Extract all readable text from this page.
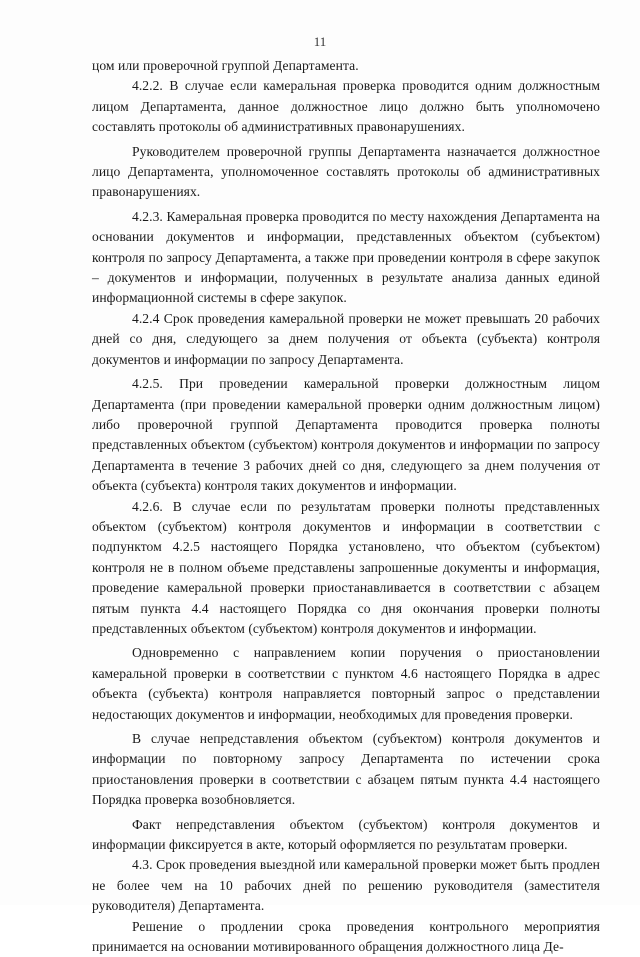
11

цом или проверочной группой Департамента.

4.2.2. В случае если камеральная проверка проводится одним должностным лицом Департамента, данное должностное лицо должно быть уполномочено составлять протоколы об административных правонарушениях.

Руководителем проверочной группы Департамента назначается должностное лицо Департамента, уполномоченное составлять протоколы об административных правонарушениях.

4.2.3. Камеральная проверка проводится по месту нахождения Департамента на основании документов и информации, представленных объектом (субъектом) контроля по запросу Департамента, а также при проведении контроля в сфере закупок – документов и информации, полученных в результате анализа данных единой информационной системы в сфере закупок.

4.2.4 Срок проведения камеральной проверки не может превышать 20 рабочих дней со дня, следующего за днем получения от объекта (субъекта) контроля документов и информации по запросу Департамента.

4.2.5. При проведении камеральной проверки должностным лицом Департамента (при проведении камеральной проверки одним должностным лицом) либо проверочной группой Департамента проводится проверка полноты представленных объектом (субъектом) контроля документов и информации по запросу Департамента в течение 3 рабочих дней со дня, следующего за днем получения от объекта (субъекта) контроля таких документов и информации.

4.2.6. В случае если по результатам проверки полноты представленных объектом (субъектом) контроля документов и информации в соответствии с подпунктом 4.2.5 настоящего Порядка установлено, что объектом (субъектом) контроля не в полном объеме представлены запрошенные документы и информация, проведение камеральной проверки приостанавливается в соответствии с абзацем пятым пункта 4.4 настоящего Порядка со дня окончания проверки полноты представленных объектом (субъектом) контроля документов и информации.

Одновременно с направлением копии поручения о приостановлении камеральной проверки в соответствии с пунктом 4.6 настоящего Порядка в адрес объекта (субъекта) контроля направляется повторный запрос о представлении недостающих документов и информации, необходимых для проведения проверки.

В случае непредставления объектом (субъектом) контроля документов и информации по повторному запросу Департамента по истечении срока приостановления проверки в соответствии с абзацем пятым пункта 4.4 настоящего Порядка проверка возобновляется.

Факт непредставления объектом (субъектом) контроля документов и информации фиксируется в акте, который оформляется по результатам проверки.

4.3. Срок проведения выездной или камеральной проверки может быть продлен не более чем на 10 рабочих дней по решению руководителя (заместителя руководителя) Департамента.

Решение о продлении срока проведения контрольного мероприятия принимается на основании мотивированного обращения должностного лица Де-
